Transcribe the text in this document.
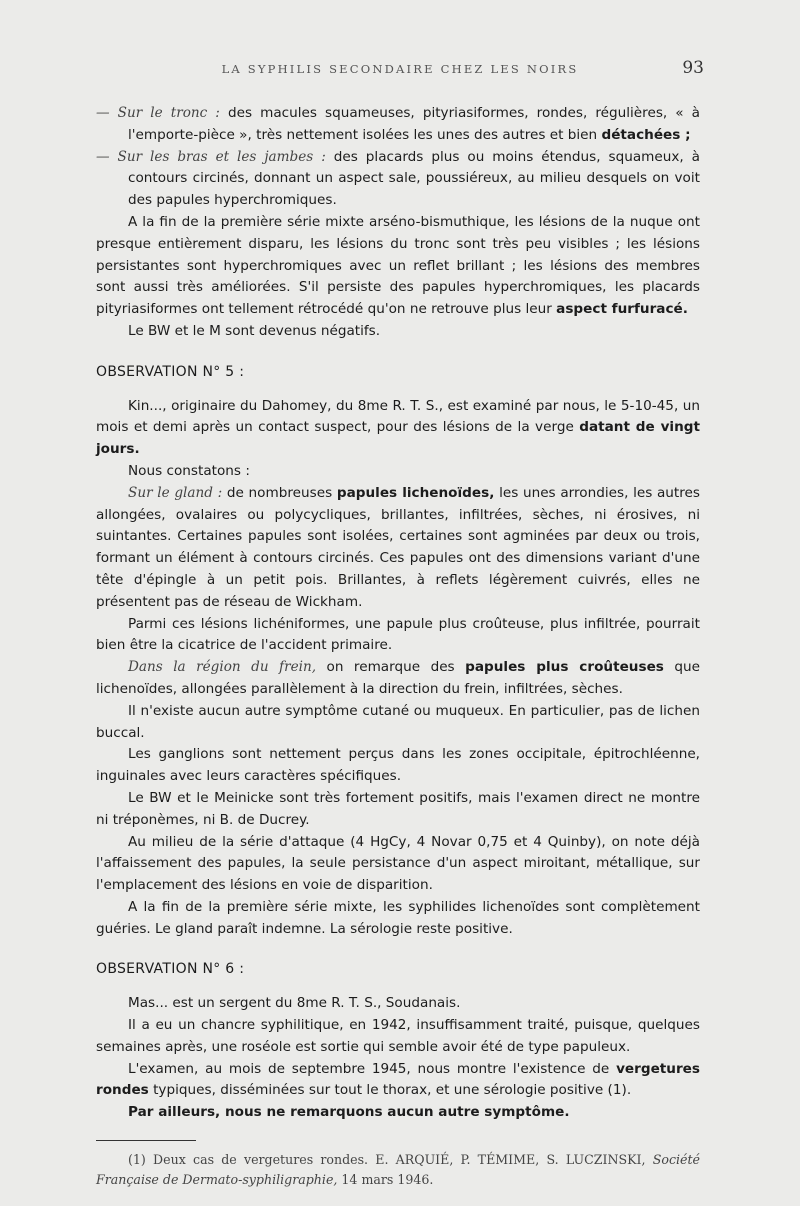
LA SYPHILIS SECONDAIRE CHEZ LES NOIRS	93

— Sur le tronc : des macules squameuses, pityriasiformes, rondes, régulières, « à l'emporte-pièce », très nettement isolées les unes des autres et bien détachées ;

— Sur les bras et les jambes : des placards plus ou moins étendus, squameux, à contours circinés, donnant un aspect sale, poussiéreux, au milieu desquels on voit des papules hyperchromiques.

A la fin de la première série mixte arséno-bismuthique, les lésions de la nuque ont presque entièrement disparu, les lésions du tronc sont très peu visibles ; les lésions persistantes sont hyperchromiques avec un reflet brillant ; les lésions des membres sont aussi très améliorées. S'il persiste des papules hyperchromiques, les placards pityriasiformes ont tellement rétrocédé qu'on ne retrouve plus leur aspect furfuracé.

Le BW et le M sont devenus négatifs.

OBSERVATION N° 5 :

Kin..., originaire du Dahomey, du 8me R. T. S., est examiné par nous, le 5-10-45, un mois et demi après un contact suspect, pour des lésions de la verge datant de vingt jours.

Nous constatons :

Sur le gland : de nombreuses papules lichenoïdes, les unes arrondies, les autres allongées, ovalaires ou polycycliques, brillantes, infiltrées, sèches, ni érosives, ni suintantes. Certaines papules sont isolées, certaines sont agminées par deux ou trois, formant un élément à contours circinés. Ces papules ont des dimensions variant d'une tête d'épingle à un petit pois. Brillantes, à reflets légèrement cuivrés, elles ne présentent pas de réseau de Wickham.

Parmi ces lésions lichéniformes, une papule plus croûteuse, plus infiltrée, pourrait bien être la cicatrice de l'accident primaire.

Dans la région du frein, on remarque des papules plus croûteuses que lichenoïdes, allongées parallèlement à la direction du frein, infiltrées, sèches.

Il n'existe aucun autre symptôme cutané ou muqueux. En particulier, pas de lichen buccal.

Les ganglions sont nettement perçus dans les zones occipitale, épitrochléenne, inguinales avec leurs caractères spécifiques.

Le BW et le Meinicke sont très fortement positifs, mais l'examen direct ne montre ni tréponèmes, ni B. de Ducrey.

Au milieu de la série d'attaque (4 HgCy, 4 Novar 0,75 et 4 Quinby), on note déjà l'affaissement des papules, la seule persistance d'un aspect miroitant, métallique, sur l'emplacement des lésions en voie de disparition.

A la fin de la première série mixte, les syphilides lichenoïdes sont complètement guéries. Le gland paraît indemne. La sérologie reste positive.

OBSERVATION N° 6 :

Mas... est un sergent du 8me R. T. S., Soudanais.

Il a eu un chancre syphilitique, en 1942, insuffisamment traité, puisque, quelques semaines après, une roséole est sortie qui semble avoir été de type papuleux.

L'examen, au mois de septembre 1945, nous montre l'existence de vergetures rondes typiques, disséminées sur tout le thorax, et une sérologie positive (1).

Par ailleurs, nous ne remarquons aucun autre symptôme.

(1) Deux cas de vergetures rondes. E. ARQUIÉ, P. TÉMIME, S. LUCZINSKI, Société Française de Dermato-syphiligraphie, 14 mars 1946.
